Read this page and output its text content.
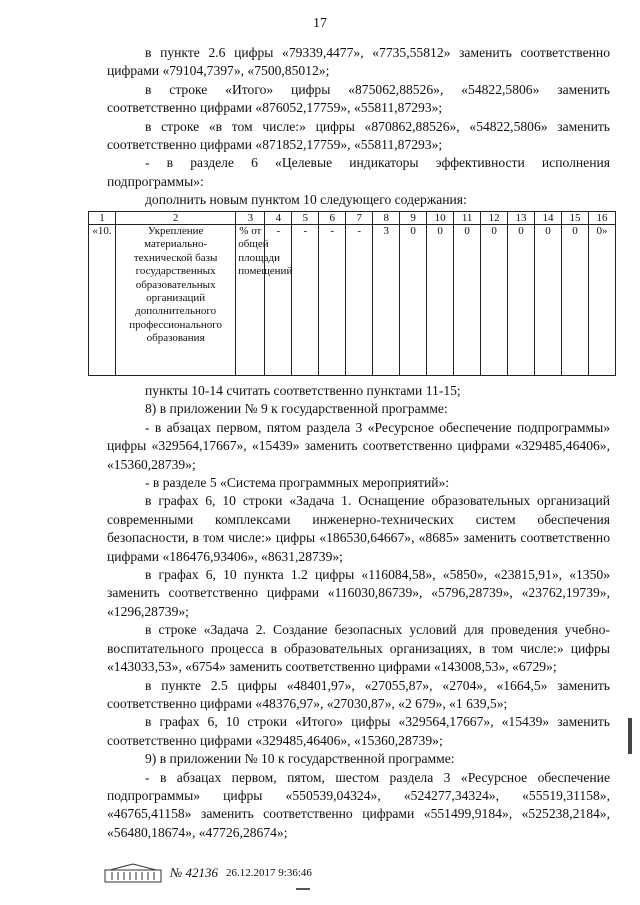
17

в пункте 2.6 цифры «79339,4477», «7735,55812» заменить соответственно цифрами «79104,7397», «7500,85012»;

в строке «Итого» цифры «875062,88526», «54822,5806» заменить соответственно цифрами «876052,17759», «55811,87293»;

в строке «в том числе:» цифры «870862,88526», «54822,5806» заменить соответственно цифрами «871852,17759», «55811,87293»;

- в разделе 6 «Целевые индикаторы эффективности исполнения подпрограммы»:

дополнить новым пунктом 10 следующего содержания:

1	2	3	4	5	6	7	8	9	10	11	12	13	14	15	16
«10.	Укрепление материально-технической базы государственных образовательных организаций дополнительного профессионального образования	% от общей площади помещений	-	-	-	-	3	0	0	0	0	0	0	0	0»

пункты 10-14 считать соответственно пунктами 11-15;

8) в приложении № 9 к государственной программе:

- в абзацах первом, пятом раздела 3 «Ресурсное обеспечение подпрограммы» цифры «329564,17667», «15439» заменить соответственно цифрами «329485,46406», «15360,28739»;

- в разделе 5 «Система программных мероприятий»:

в графах 6, 10 строки «Задача 1. Оснащение образовательных организаций современными комплексами инженерно-технических систем обеспечения безопасности, в том числе:» цифры «186530,64667», «8685» заменить соответственно цифрами «186476,93406», «8631,28739»;

в графах 6, 10 пункта 1.2 цифры «116084,58», «5850», «23815,91», «1350» заменить соответственно цифрами «116030,86739», «5796,28739», «23762,19739», «1296,28739»;

в строке «Задача 2. Создание безопасных условий для проведения учебно-воспитательного процесса в образовательных организациях, в том числе:» цифры «143033,53», «6754» заменить соответственно цифрами «143008,53», «6729»;

в пункте 2.5 цифры «48401,97», «27055,87», «2704», «1664,5» заменить соответственно цифрами «48376,97», «27030,87», «2 679», «1 639,5»;

в графах 6, 10 строки «Итого» цифры «329564,17667», «15439» заменить соответственно цифрами «329485,46406», «15360,28739»;

9) в приложении № 10 к государственной программе:

- в абзацах первом, пятом, шестом раздела 3 «Ресурсное обеспечение подпрограммы» цифры «550539,04324», «524277,34324», «55519,31158», «46765,41158» заменить соответственно цифрами «551499,9184», «525238,2184», «56480,18674», «47726,28674»;

№ 42136 26.12.2017 9:36:46
